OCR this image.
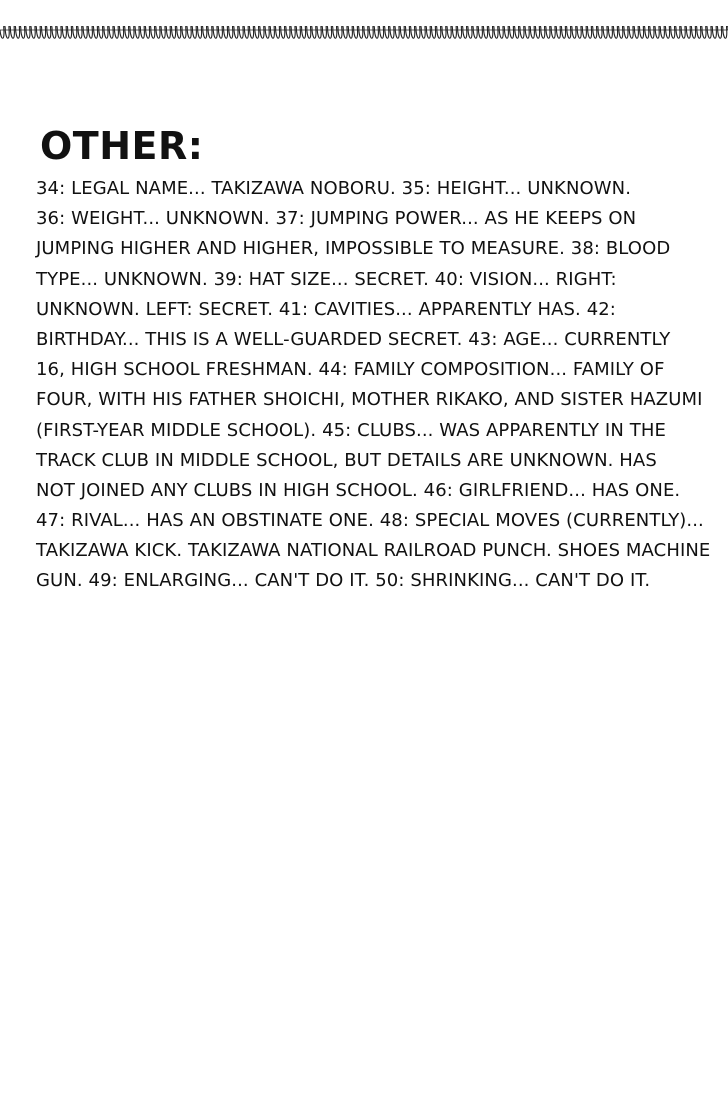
OTHER:
34: LEGAL NAME... TAKIZAWA NOBORU. 35: HEIGHT... UNKNOWN.
36: WEIGHT... UNKNOWN. 37: JUMPING POWER... AS HE KEEPS ON
JUMPING HIGHER AND HIGHER, IMPOSSIBLE TO MEASURE. 38: BLOOD
TYPE... UNKNOWN. 39: HAT SIZE... SECRET. 40: VISION... RIGHT:
UNKNOWN. LEFT: SECRET. 41: CAVITIES... APPARENTLY HAS. 42:
BIRTHDAY... THIS IS A WELL-GUARDED SECRET. 43: AGE... CURRENTLY
16, HIGH SCHOOL FRESHMAN. 44: FAMILY COMPOSITION... FAMILY OF
FOUR, WITH HIS FATHER SHOICHI, MOTHER RIKAKO, AND SISTER HAZUMI
(FIRST-YEAR MIDDLE SCHOOL). 45: CLUBS... WAS APPARENTLY IN THE
TRACK CLUB IN MIDDLE SCHOOL, BUT DETAILS ARE UNKNOWN. HAS
NOT JOINED ANY CLUBS IN HIGH SCHOOL. 46: GIRLFRIEND... HAS ONE.
47: RIVAL... HAS AN OBSTINATE ONE. 48: SPECIAL MOVES (CURRENTLY)...
TAKIZAWA KICK. TAKIZAWA NATIONAL RAILROAD PUNCH. SHOES MACHINE
GUN. 49: ENLARGING... CAN'T DO IT. 50: SHRINKING... CAN'T DO IT.
